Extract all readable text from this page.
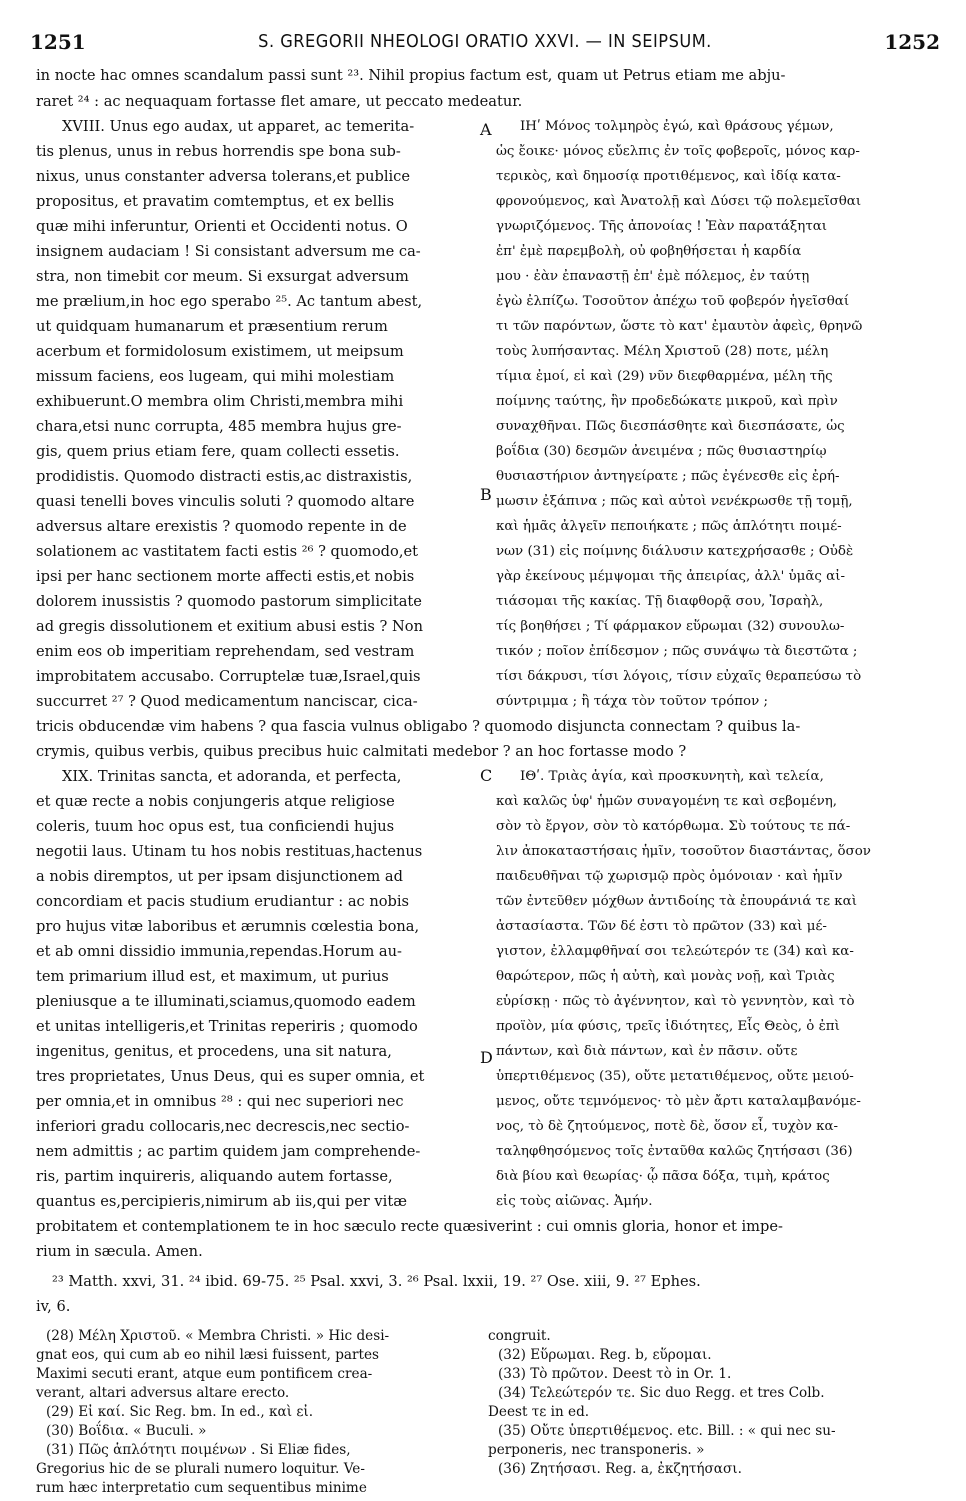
1251	S. GREGORII NHEOLOGI ORATIO XXVI. — IN SEIPSUM.	1252
in nocte hac omnes scandalum passi sunt ²³. Nihil propius factum est, quam ut Petrus etiam me abju-
raret ²⁴ : ac nequaquam fortasse flet amare, ut peccato medeatur.
XVIII. Unus ego audax, ut apparet, ac temerita-
tis plenus, unus in rebus horrendis spe bona sub-
nixus, unus constanter adversa tolerans,et publice
propositus, et pravatim comtemptus, et ex bellis
quæ mihi inferuntur, Orienti et Occidenti notus. O
insignem audaciam ! Si consistant adversum me ca-
stra, non timebit cor meum. Si exsurgat adversum
me prælium,in hoc ego sperabo ²⁵. Ac tantum abest,
ut quidquam humanarum et præsentium rerum
acerbum et formidolosum existimem, ut meipsum
missum faciens, eos lugeam, qui mihi molestiam
exhibuerunt.O membra olim Christi,membra mihi
chara,etsi nunc corrupta, 485 membra hujus gre-
gis, quem prius etiam fere, quam collecti essetis.
prodidistis. Quomodo distracti estis,ac distraxistis,
quasi tenelli boves vinculis soluti ? quomodo altare
adversus altare erexistis ? quomodo repente in de
solationem ac vastitatem facti estis ²⁶ ? quomodo,et
ipsi per hanc sectionem morte affecti estis,et nobis
dolorem inussistis ? quomodo pastorum simplicitate
ad gregis dissolutionem et exitium abusi estis ? Non
enim eos ob imperitiam reprehendam, sed vestram
improbitatem accusabo. Corruptelæ tuæ,Israel,quis
succurret ²⁷ ? Quod medicamentum nanciscar, cica-
A
B
C
D
ΙΗʹ Μόνος τολμηρὸς ἐγώ, καὶ θράσους γέμων,
ὡς ἔοικε· μόνος εὔελπις ἐν τοῖς φοβεροῖς, μόνος καρ-
τερικὸς, καὶ δημοσίᾳ προτιθέμενος, καὶ ἰδίᾳ κατα-
φρονούμενος, καὶ Ἀνατολῇ καὶ Δύσει τῷ πολεμεῖσθαι
γνωριζόμενος. Τῆς ἀπονοίας ! Ἐὰν παρατάξηται
ἐπ' ἐμὲ παρεμβολὴ, οὐ φοβηθήσεται ἡ καρδία
μου · ἐὰν ἐπαναστῇ ἐπ' ἐμὲ πόλεμος, ἐν ταύτῃ
ἐγὼ ἐλπίζω. Τοσοῦτον ἀπέχω τοῦ φοβερόν ἡγεῖσθαί
τι τῶν παρόντων, ὥστε τὸ κατ' ἐμαυτὸν ἀφεὶς, θρηνῶ
τοὺς λυπήσαντας. Μέλη Χριστοῦ (28) ποτε, μέλη
τίμια ἐμοί, εἰ καὶ (29) νῦν διεφθαρμένα, μέλη τῆς
ποίμνης ταύτης, ἣν προδεδώκατε μικροῦ, καὶ πρὶν
συναχθῆναι. Πῶς διεσπάσθητε καὶ διεσπάσατε, ὡς
βοΐδια (30) δεσμῶν ἀνειμένα ; πῶς θυσιαστηρίῳ
θυσιαστήριον ἀντηγείρατε ; πῶς ἐγένεσθε εἰς ἐρή-
μωσιν ἐξάπινα ; πῶς καὶ αὐτοὶ νενέκρωσθε τῇ τομῇ,
καὶ ἡμᾶς ἀλγεῖν πεποιήκατε ; πῶς ἁπλότητι ποιμέ-
νων (31) εἰς ποίμνης διάλυσιν κατεχρήσασθε ; Οὐδὲ
γὰρ ἐκείνους μέμψομαι τῆς ἀπειρίας, ἀλλ' ὑμᾶς αἰ-
τιάσομαι τῆς κακίας. Τῇ διαφθορᾷ σου, Ἰσραὴλ,
τίς βοηθήσει ; Τί φάρμακον εὕρωμαι (32) συνουλω-
τικόν ; ποῖον ἐπίδεσμον ; πῶς συνάψω τὰ διεστῶτα ;
τίσι δάκρυσι, τίσι λόγοις, τίσιν εὐχαῖς θεραπεύσω τὸ
σύντριμμα ; ἢ τάχα τὸν τοῦτον τρόπον ;
tricis obducendæ vim habens ? qua fascia vulnus obligabo ? quomodo disjuncta connectam ? quibus la-
crymis, quibus verbis, quibus precibus huic calmitati medebor ? an hoc fortasse modo ?
XIX. Trinitas sancta, et adoranda, et perfecta,
et quæ recte a nobis conjungeris atque religiose
coleris, tuum hoc opus est, tua conficiendi hujus
negotii laus. Utinam tu hos nobis restituas,hactenus
a nobis diremptos, ut per ipsam disjunctionem ad
concordiam et pacis studium erudiantur : ac nobis
pro hujus vitæ laboribus et ærumnis cœlestia bona,
et ab omni dissidio immunia,rependas.Horum au-
tem primarium illud est, et maximum, ut purius
pleniusque a te illuminati,sciamus,quomodo eadem
et unitas intelligeris,et Trinitas reperiris ; quomodo
ingenitus, genitus, et procedens, una sit natura,
tres proprietates, Unus Deus, qui es super omnia, et
per omnia,et in omnibus ²⁸ : qui nec superiori nec
inferiori gradu collocaris,nec decrescis,nec sectio-
nem admittis ; ac partim quidem jam comprehende-
ris, partim inquireris, aliquando autem fortasse,
quantus es,percipieris,nimirum ab iis,qui per vitæ
ΙΘʹ. Τριὰς ἁγία, καὶ προσκυνητὴ, καὶ τελεία,
καὶ καλῶς ὑφ' ἡμῶν συναγομένη τε καὶ σεβομένη,
σὸν τὸ ἔργον, σὸν τὸ κατόρθωμα. Σὺ τούτους τε πά-
λιν ἀποκαταστήσαις ἡμῖν, τοσοῦτον διαστάντας, ὅσον
παιδευθῆναι τῷ χωρισμῷ πρὸς ὁμόνοιαν · καὶ ἡμῖν
τῶν ἐντεῦθεν μόχθων ἀντιδοίης τὰ ἐπουράνιά τε καὶ
ἀστασίαστα. Τῶν δέ ἐστι τὸ πρῶτον (33) καὶ μέ-
γιστον, ἐλλαμφθῆναί σοι τελεώτερόν τε (34) καὶ κα-
θαρώτερον, πῶς ἡ αὐτὴ, καὶ μονὰς νοῇ, καὶ Τριὰς
εὑρίσκῃ · πῶς τὸ ἀγέννητον, καὶ τὸ γεννητὸν, καὶ τὸ
προϊὸν, μία φύσις, τρεῖς ἰδιότητες, Εἷς Θεὸς, ὁ ἐπὶ
πάντων, καὶ διὰ πάντων, καὶ ἐν πᾶσιν. οὔτε
ὑπερτιθέμενος (35), οὔτε μετατιθέμενος, οὔτε μειού-
μενος, οὔτε τεμνόμενος· τὸ μὲν ἄρτι καταλαμβανόμε-
νος, τὸ δὲ ζητούμενος, ποτὲ δὲ, ὅσον εἶ, τυχὸν κα-
ταληφθησόμενος τοῖς ἐνταῦθα καλῶς ζητήσασι (36)
διὰ βίου καὶ θεωρίας· ᾧ πᾶσα δόξα, τιμὴ, κράτος
εἰς τοὺς αἰῶνας. Ἀμήν.
probitatem et contemplationem te in hoc sæculo recte quæsiverint : cui omnis gloria, honor et impe-
rium in sæcula. Amen.
²³ Matth. xxvi, 31. ²⁴ ibid. 69-75. ²⁵ Psal. xxvi, 3. ²⁶ Psal. lxxii, 19. ²⁷ Ose. xiii, 9. ²⁷ Ephes.
iv, 6.
(28) Μέλη Χριστοῦ. « Membra Christi. » Hic desi-
gnat eos, qui cum ab eo nihil læsi fuissent, partes
Maximi secuti erant, atque eum pontificem crea-
verant, altari adversus altare erecto.
(29) Εἰ καί. Sic Reg. bm. In ed., καὶ εἰ.
(30) Βοΐδια. « Buculi. »
(31) Πῶς ἁπλότητι ποιμένων . Si Eliæ fides,
Gregorius hic de se plurali numero loquitur. Ve-
rum hæc interpretatio cum sequentibus minime
congruit.
(32) Εὕρωμαι. Reg. b, εὕρομαι.
(33) Τὸ πρῶτον. Deest τὸ in Or. 1.
(34) Τελεώτερόν τε. Sic duo Regg. et tres Colb.
Deest τε in ed.
(35) Οὔτε ὑπερτιθέμενος. etc. Bill. : « qui nec su-
perponeris, nec transponeris. »
(36) Ζητήσασι. Reg. a, ἐκζητήσασι.
